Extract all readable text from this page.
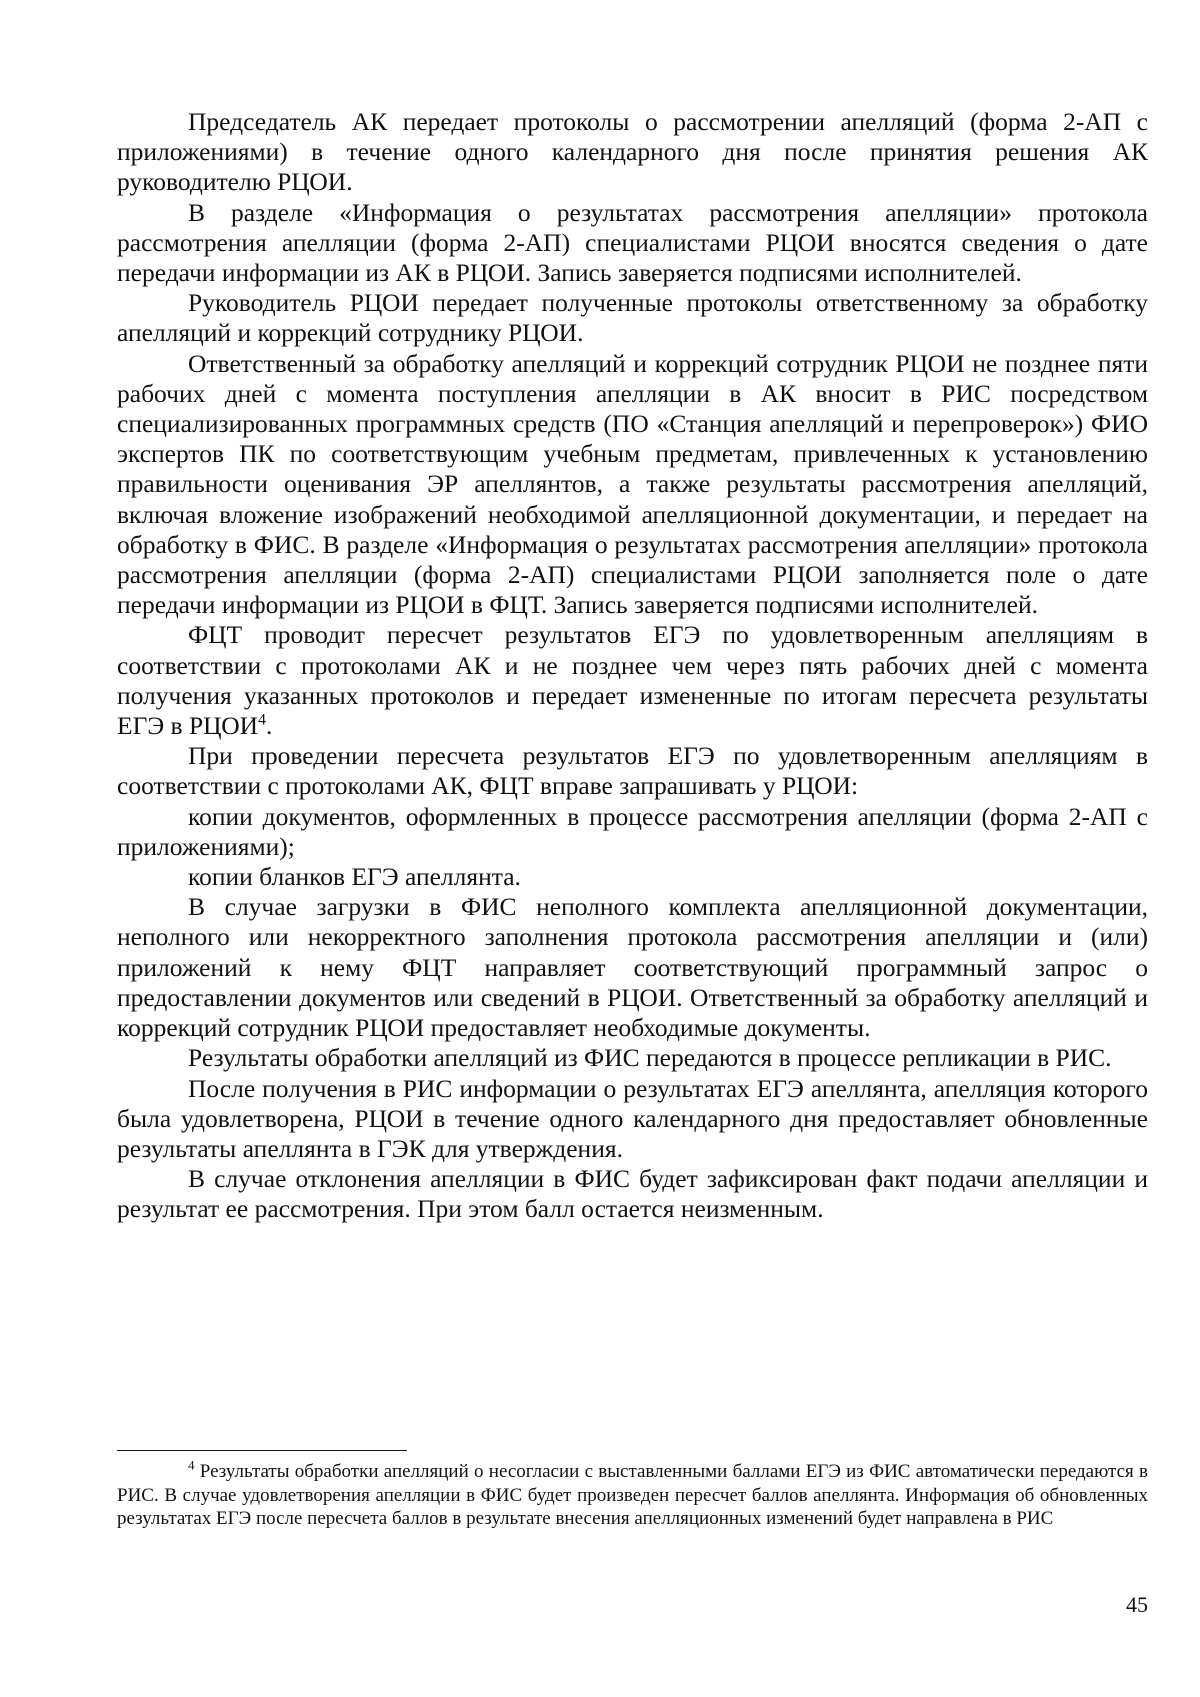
Председатель АК передает протоколы о рассмотрении апелляций (форма 2-АП с приложениями) в течение одного календарного дня после принятия решения АК руководителю РЦОИ.

В разделе «Информация о результатах рассмотрения апелляции» протокола рассмотрения апелляции (форма 2-АП) специалистами РЦОИ вносятся сведения о дате передачи информации из АК в РЦОИ. Запись заверяется подписями исполнителей.

Руководитель РЦОИ передает полученные протоколы ответственному за обработку апелляций и коррекций сотруднику РЦОИ.

Ответственный за обработку апелляций и коррекций сотрудник РЦОИ не позднее пяти рабочих дней с момента поступления апелляции в АК вносит в РИС посредством специализированных программных средств (ПО «Станция апелляций и перепроверок») ФИО экспертов ПК по соответствующим учебным предметам, привлеченных к установлению правильности оценивания ЭР апеллянтов, а также результаты рассмотрения апелляций, включая вложение изображений необходимой апелляционной документации, и передает на обработку в ФИС. В разделе «Информация о результатах рассмотрения апелляции» протокола рассмотрения апелляции (форма 2-АП) специалистами РЦОИ заполняется поле о дате передачи информации из РЦОИ в ФЦТ. Запись заверяется подписями исполнителей.

ФЦТ проводит пересчет результатов ЕГЭ по удовлетворенным апелляциям в соответствии с протоколами АК и не позднее чем через пять рабочих дней с момента получения указанных протоколов и передает измененные по итогам пересчета результаты ЕГЭ в РЦОИ$^4$.

При проведении пересчета результатов ЕГЭ по удовлетворенным апелляциям в соответствии с протоколами АК, ФЦТ вправе запрашивать у РЦОИ:

копии документов, оформленных в процессе рассмотрения апелляции (форма 2-АП с приложениями);

копии бланков ЕГЭ апеллянта.

В случае загрузки в ФИС неполного комплекта апелляционной документации, неполного или некорректного заполнения протокола рассмотрения апелляции и (или) приложений к нему ФЦТ направляет соответствующий программный запрос о предоставлении документов или сведений в РЦОИ. Ответственный за обработку апелляций и коррекций сотрудник РЦОИ предоставляет необходимые документы.

Результаты обработки апелляций из ФИС передаются в процессе репликации в РИС.

После получения в РИС информации о результатах ЕГЭ апеллянта, апелляция которого была удовлетворена, РЦОИ в течение одного календарного дня предоставляет обновленные результаты апеллянта в ГЭК для утверждения.

В случае отклонения апелляции в ФИС будет зафиксирован факт подачи апелляции и результат ее рассмотрения. При этом балл остается неизменным.

$^4$ Результаты обработки апелляций о несогласии с выставленными баллами ЕГЭ из ФИС автоматически передаются в РИС. В случае удовлетворения апелляции в ФИС будет произведен пересчет баллов апеллянта. Информация об обновленных результатах ЕГЭ после пересчета баллов в результате внесения апелляционных изменений будет направлена в РИС

45
